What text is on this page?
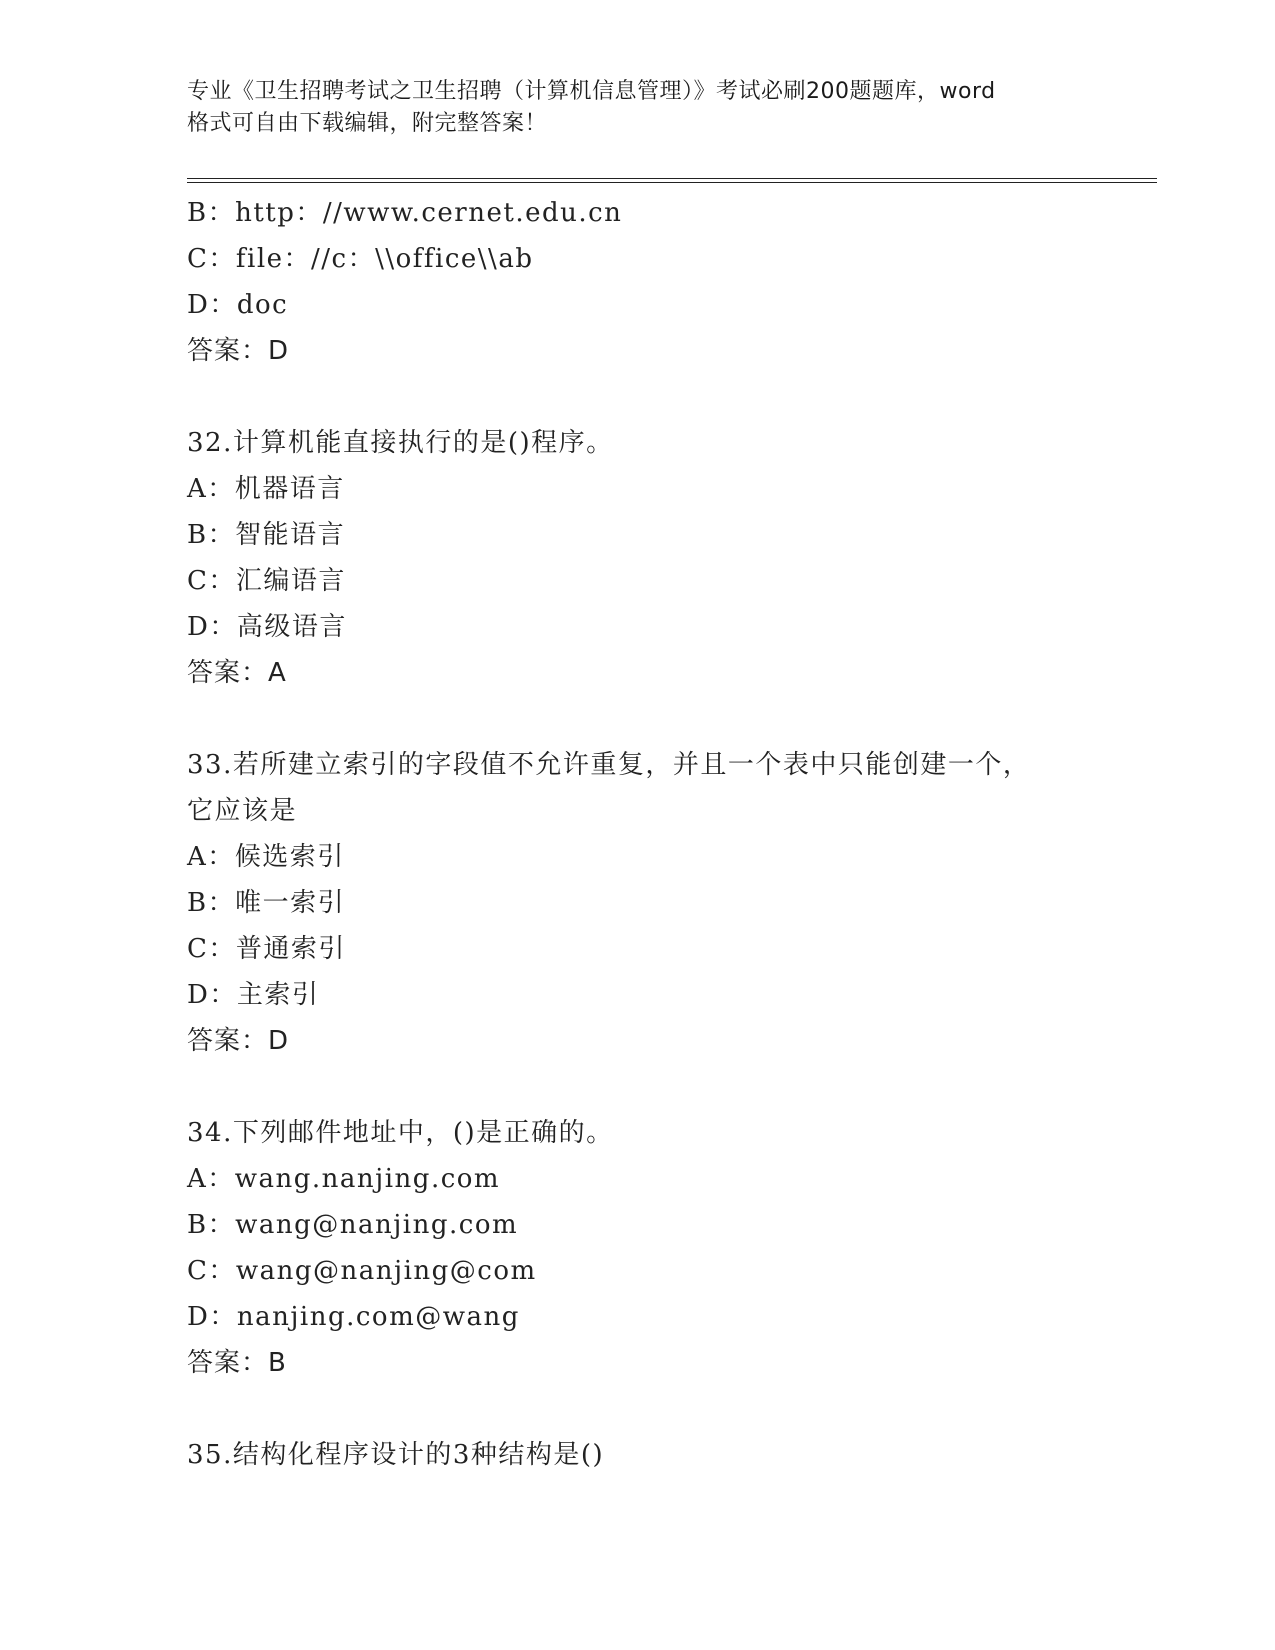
专业《卫生招聘考试之卫生招聘（计算机信息管理）》考试必刷200题题库，word
格式可自由下载编辑，附完整答案！
B：http：//www.cernet.edu.cn
C：file：//c：\\office\\ab
D：doc
答案：D
32.计算机能直接执行的是()程序。
A：机器语言
B：智能语言
C：汇编语言
D：高级语言
答案：A
33.若所建立索引的字段值不允许重复，并且一个表中只能创建一个，
它应该是
A：候选索引
B：唯一索引
C：普通索引
D：主索引
答案：D
34.下列邮件地址中，()是正确的。
A：wang.nanjing.com
B：wang@nanjing.com
C：wang@nanjing@com
D：nanjing.com@wang
答案：B
35.结构化程序设计的3种结构是()
